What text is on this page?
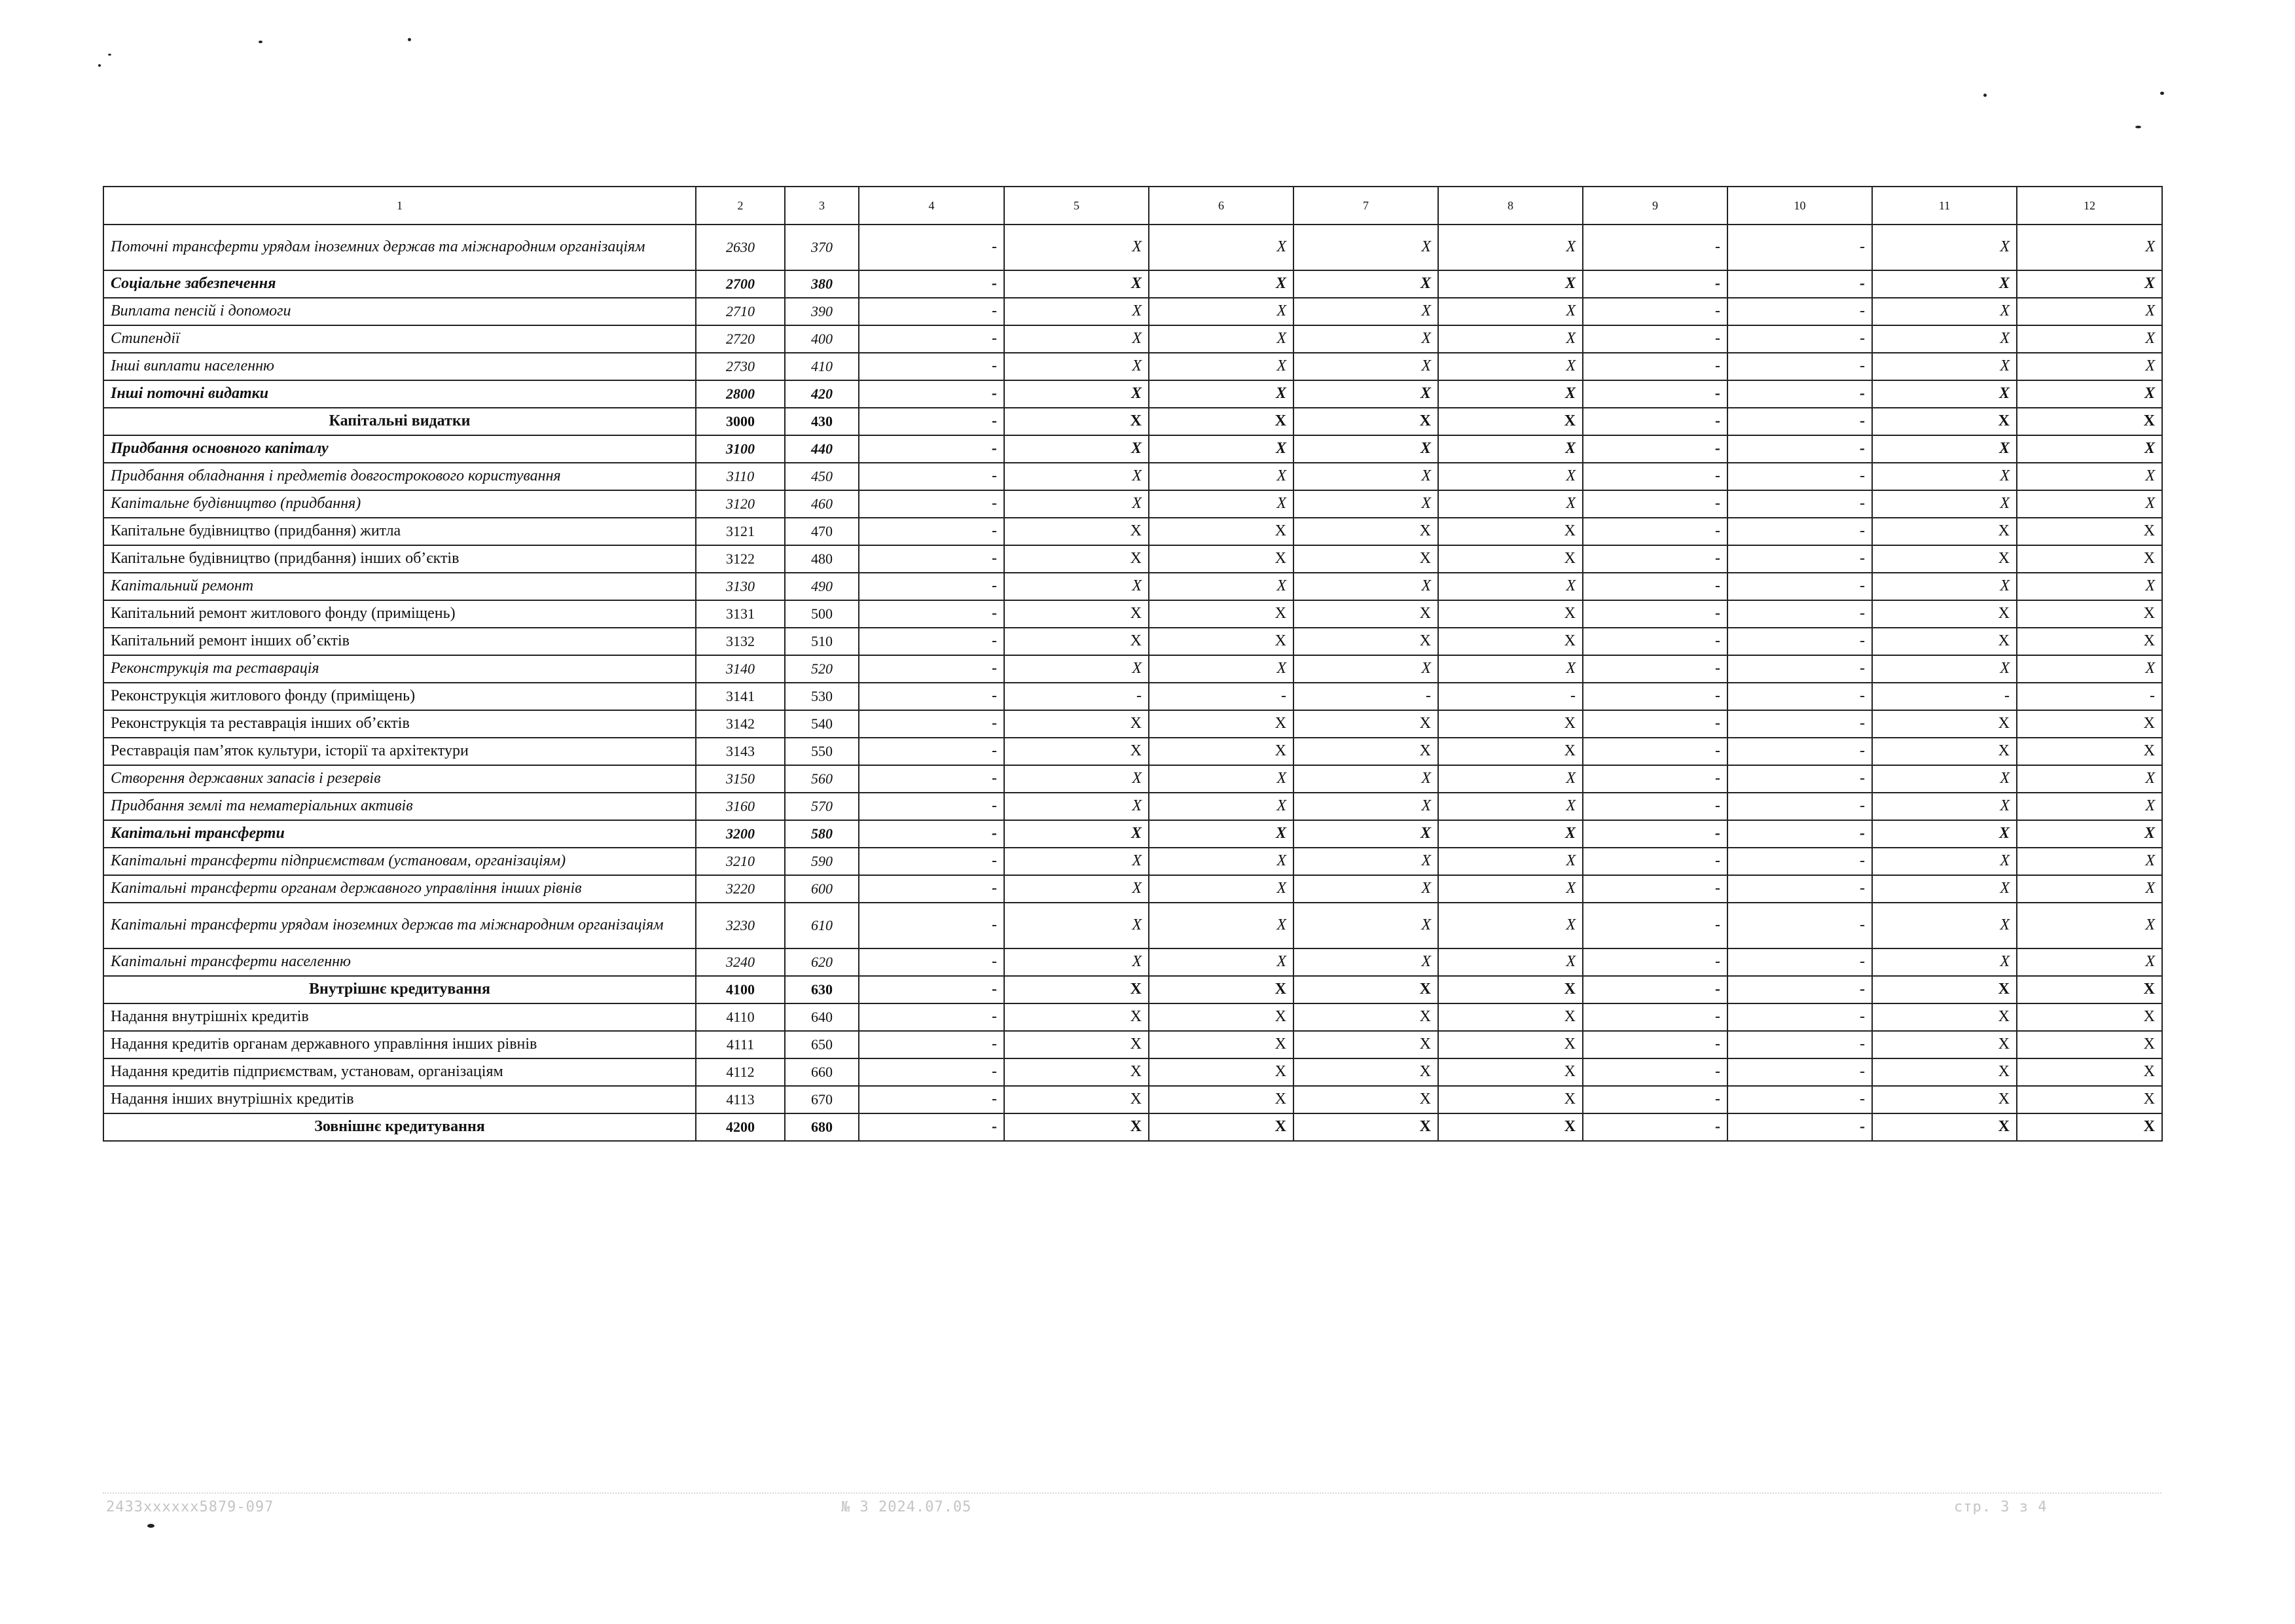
1	2	3	4	5	6	7	8	9	10	11	12
Поточні трансферти урядам іноземних держав та міжнародним організаціям	2630	370	-	X	X	X	X	-	-	X	X
Соціальне забезпечення	2700	380	-	X	X	X	X	-	-	X	X
Виплата пенсій і допомоги	2710	390	-	X	X	X	X	-	-	X	X
Стипендії	2720	400	-	X	X	X	X	-	-	X	X
Інші виплати населенню	2730	410	-	X	X	X	X	-	-	X	X
Інші поточні видатки	2800	420	-	X	X	X	X	-	-	X	X
Капітальні видатки	3000	430	-	X	X	X	X	-	-	X	X
Придбання основного капіталу	3100	440	-	X	X	X	X	-	-	X	X
Придбання обладнання і предметів довгострокового користування	3110	450	-	X	X	X	X	-	-	X	X
Капітальне будівництво (придбання)	3120	460	-	X	X	X	X	-	-	X	X
Капітальне будівництво (придбання) житла	3121	470	-	X	X	X	X	-	-	X	X
Капітальне будівництво (придбання) інших об’єктів	3122	480	-	X	X	X	X	-	-	X	X
Капітальний ремонт	3130	490	-	X	X	X	X	-	-	X	X
Капітальний ремонт житлового фонду (приміщень)	3131	500	-	X	X	X	X	-	-	X	X
Капітальний ремонт інших об’єктів	3132	510	-	X	X	X	X	-	-	X	X
Реконструкція та реставрація	3140	520	-	X	X	X	X	-	-	X	X
Реконструкція житлового фонду (приміщень)	3141	530	-	-	-	-	-	-	-	-	-
Реконструкція та реставрація інших об’єктів	3142	540	-	X	X	X	X	-	-	X	X
Реставрація пам’яток культури, історії та архітектури	3143	550	-	X	X	X	X	-	-	X	X
Створення державних запасів і резервів	3150	560	-	X	X	X	X	-	-	X	X
Придбання землі та нематеріальних активів	3160	570	-	X	X	X	X	-	-	X	X
Капітальні трансферти	3200	580	-	X	X	X	X	-	-	X	X
Капітальні трансферти підприємствам (установам, організаціям)	3210	590	-	X	X	X	X	-	-	X	X
Капітальні трансферти органам державного управління інших рівнів	3220	600	-	X	X	X	X	-	-	X	X
Капітальні трансферти урядам іноземних держав та міжнародним організаціям	3230	610	-	X	X	X	X	-	-	X	X
Капітальні трансферти населенню	3240	620	-	X	X	X	X	-	-	X	X
Внутрішнє кредитування	4100	630	-	X	X	X	X	-	-	X	X
Надання внутрішніх кредитів	4110	640	-	X	X	X	X	-	-	X	X
Надання кредитів органам державного управління інших рівнів	4111	650	-	X	X	X	X	-	-	X	X
Надання кредитів підприємствам, установам, організаціям	4112	660	-	X	X	X	X	-	-	X	X
Надання інших внутрішніх кредитів	4113	670	-	X	X	X	X	-	-	X	X
Зовнішнє кредитування	4200	680	-	X	X	X	X	-	-	X	X
2433xxxxxx5879-097	№ 3 2024.07.05	стр. 3 з 4
